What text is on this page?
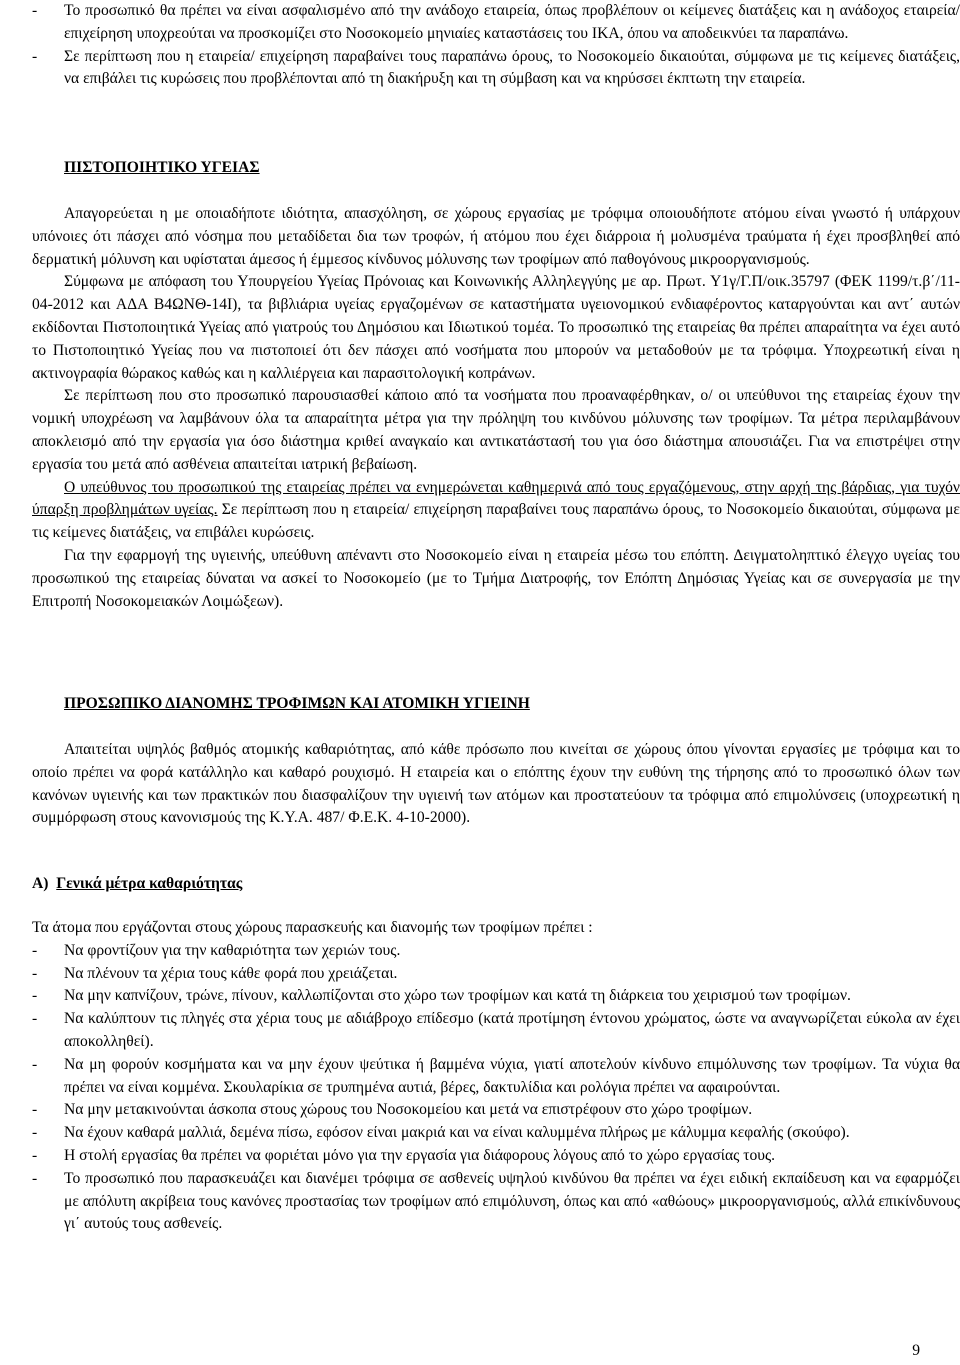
-	Το προσωπικό θα πρέπει να είναι ασφαλισμένο από την ανάδοχο εταιρεία, όπως προβλέπουν οι κείμενες διατάξεις και η ανάδοχος εταιρεία/ επιχείρηση υποχρεούται να προσκομίζει στο Νοσοκομείο μηνιαίες καταστάσεις του ΙΚΑ, όπου να αποδεικνύει τα παραπάνω.
-	Σε περίπτωση που η εταιρεία/ επιχείρηση παραβαίνει τους παραπάνω όρους, το Νοσοκομείο δικαιούται, σύμφωνα με τις κείμενες διατάξεις, να επιβάλει τις κυρώσεις που προβλέπονται από τη διακήρυξη και τη σύμβαση και να κηρύσσει έκπτωτη την εταιρεία.

ΠΙΣΤΟΠΟΙΗΤΙΚΟ ΥΓΕΙΑΣ

Απαγορεύεται η με οποιαδήποτε ιδιότητα, απασχόληση, σε χώρους εργασίας με τρόφιμα οποιουδήποτε ατόμου είναι γνωστό ή υπάρχουν υπόνοιες ότι πάσχει από νόσημα που μεταδίδεται δια των τροφών, ή ατόμου που έχει διάρροια ή μολυσμένα τραύματα ή έχει προσβληθεί από δερματική μόλυνση και υφίσταται άμεσος ή έμμεσος κίνδυνος μόλυνσης των τροφίμων από παθογόνους μικροοργανισμούς.

Σύμφωνα με απόφαση του Υπουργείου Υγείας Πρόνοιας και Κοινωνικής Αλληλεγγύης με αρ. Πρωτ. Υ1γ/Γ.Π/οικ.35797 (ΦΕΚ 1199/τ.β΄/11-04-2012 και ΑΔΑ Β4ΩΝΘ-14Ι), τα βιβλιάρια υγείας εργαζομένων σε καταστήματα υγειονομικού ενδιαφέροντος καταργούνται και αντ΄ αυτών εκδίδονται Πιστοποιητικά Υγείας από γιατρούς του Δημόσιου και Ιδιωτικού τομέα. Το προσωπικό της εταιρείας θα πρέπει απαραίτητα να έχει αυτό το Πιστοποιητικό Υγείας που να πιστοποιεί ότι δεν πάσχει από νοσήματα που μπορούν να μεταδοθούν με τα τρόφιμα. Υποχρεωτική είναι η ακτινογραφία θώρακος καθώς και η καλλιέργεια και παρασιτολογική κοπράνων.

Σε περίπτωση που στο προσωπικό παρουσιασθεί κάποιο από τα νοσήματα που προαναφέρθηκαν, ο/ οι υπεύθυνοι της εταιρείας έχουν την νομική υποχρέωση να λαμβάνουν όλα τα απαραίτητα μέτρα για την πρόληψη του κινδύνου μόλυνσης των τροφίμων. Τα μέτρα περιλαμβάνουν αποκλεισμό από την εργασία για όσο διάστημα κριθεί αναγκαίο και αντικατάστασή του για όσο διάστημα απουσιάζει. Για να επιστρέψει στην εργασία του μετά από ασθένεια απαιτείται ιατρική βεβαίωση.

Ο υπεύθυνος του προσωπικού της εταιρείας πρέπει να ενημερώνεται καθημερινά από τους εργαζόμενους, στην αρχή της βάρδιας, για τυχόν ύπαρξη προβλημάτων υγείας. Σε περίπτωση που η εταιρεία/ επιχείρηση παραβαίνει τους παραπάνω όρους, το Νοσοκομείο δικαιούται, σύμφωνα με τις κείμενες διατάξεις, να επιβάλει κυρώσεις.

Για την εφαρμογή της υγιεινής, υπεύθυνη απέναντι στο Νοσοκομείο είναι η εταιρεία μέσω του επόπτη. Δειγματοληπτικό έλεγχο υγείας του προσωπικού της εταιρείας δύναται να ασκεί το Νοσοκομείο (με το Τμήμα Διατροφής, τον Επόπτη Δημόσιας Υγείας και σε συνεργασία με την Επιτροπή Νοσοκομειακών Λοιμώξεων).

ΠΡΟΣΩΠΙΚΟ ΔΙΑΝΟΜΗΣ ΤΡΟΦΙΜΩΝ ΚΑΙ ΑΤΟΜΙΚΗ ΥΓΙΕΙΝΗ

Απαιτείται υψηλός βαθμός ατομικής καθαριότητας, από κάθε πρόσωπο που κινείται σε χώρους όπου γίνονται εργασίες με τρόφιμα και το οποίο πρέπει να φορά κατάλληλο και καθαρό ρουχισμό. Η εταιρεία και ο επόπτης έχουν την ευθύνη της τήρησης από το προσωπικό όλων των κανόνων υγιεινής και των πρακτικών που διασφαλίζουν την υγιεινή των ατόμων και προστατεύουν τα τρόφιμα από επιμολύνσεις (υποχρεωτική η συμμόρφωση στους κανονισμούς της Κ.Υ.Α. 487/ Φ.Ε.Κ. 4-10-2000).

Α) Γενικά μέτρα καθαριότητας

Τα άτομα που εργάζονται στους χώρους παρασκευής και διανομής των τροφίμων πρέπει :

-	Να φροντίζουν για την καθαριότητα των χεριών τους.
-	Να πλένουν τα χέρια τους κάθε φορά που χρειάζεται.
-	Να μην καπνίζουν, τρώνε, πίνουν, καλλωπίζονται στο χώρο των τροφίμων και κατά τη διάρκεια του χειρισμού των τροφίμων.
-	Να καλύπτουν τις πληγές στα χέρια τους με αδιάβροχο επίδεσμο (κατά προτίμηση έντονου χρώματος, ώστε να αναγνωρίζεται εύκολα αν έχει αποκολληθεί).
-	Να μη φορούν κοσμήματα και να μην έχουν ψεύτικα ή βαμμένα νύχια, γιατί αποτελούν κίνδυνο επιμόλυνσης των τροφίμων. Τα νύχια θα πρέπει να είναι κομμένα. Σκουλαρίκια σε τρυπημένα αυτιά, βέρες, δακτυλίδια και ρολόγια πρέπει να αφαιρούνται.
-	Να μην μετακινούνται άσκοπα στους χώρους του Νοσοκομείου και μετά να επιστρέφουν στο χώρο τροφίμων.
-	Να έχουν καθαρά μαλλιά, δεμένα πίσω, εφόσον είναι μακριά και να είναι καλυμμένα πλήρως με κάλυμμα κεφαλής (σκούφο).
-	Η στολή εργασίας θα πρέπει να φοριέται μόνο για την εργασία για διάφορους λόγους από το χώρο εργασίας τους.
-	Το προσωπικό που παρασκευάζει και διανέμει τρόφιμα σε ασθενείς υψηλού κινδύνου θα πρέπει να έχει ειδική εκπαίδευση και να εφαρμόζει με απόλυτη ακρίβεια τους κανόνες προστασίας των τροφίμων από επιμόλυνση, όπως και από «αθώους» μικροοργανισμούς, αλλά επικίνδυνους γι΄ αυτούς τους ασθενείς.
9
